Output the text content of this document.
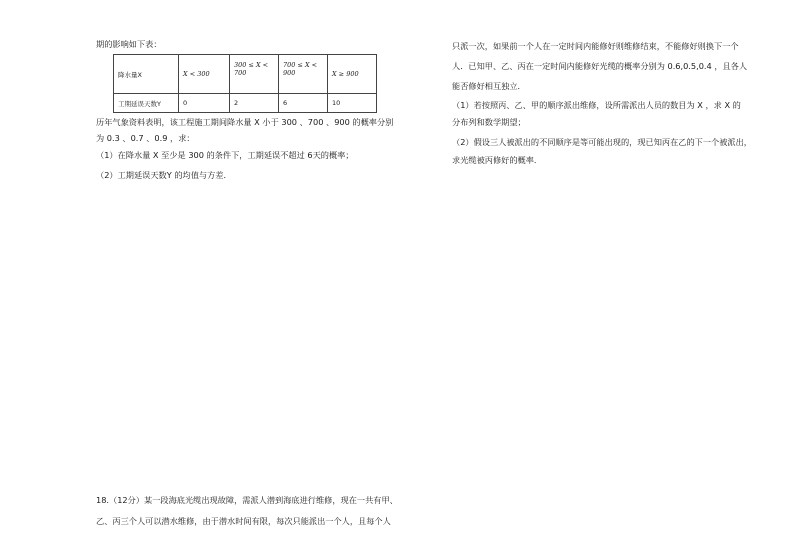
期的影响如下表：
历年气象资料表明，该工程施工期间降水量 X 小于 300 、700 、900 的概率分别
为 0.3 、0.7 、0.9 ，求：
（1）在降水量 X 至少是 300 的条件下，工期延误不超过 6天的概率；
（2）工期延误天数Y 的均值与方差．
18.（12分）某一段海底光缆出现故障，需派人潜到海底进行维修，现在一共有甲、
乙、丙三个人可以潜水维修，由于潜水时间有限，每次只能派出一个人，且每个人
降水量X	X < 300	300 ≤ X < 700	700 ≤ X < 900	X ≥ 900
工期延误天数Y	0	2	6	10
只派一次，如果前一个人在一定时间内能修好则维修结束，不能修好则换下一个
人．已知甲、乙、丙在一定时间内能修好光缆的概率分别为 0.6,0.5,0.4 ，且各人
能否修好相互独立．
（1）若按照丙、乙、甲的顺序派出维修，设所需派出人员的数目为 X ，求 X 的
分布列和数学期望；
（2）假设三人被派出的不同顺序是等可能出现的，现已知丙在乙的下一个被派出，
求光缆被丙修好的概率．
